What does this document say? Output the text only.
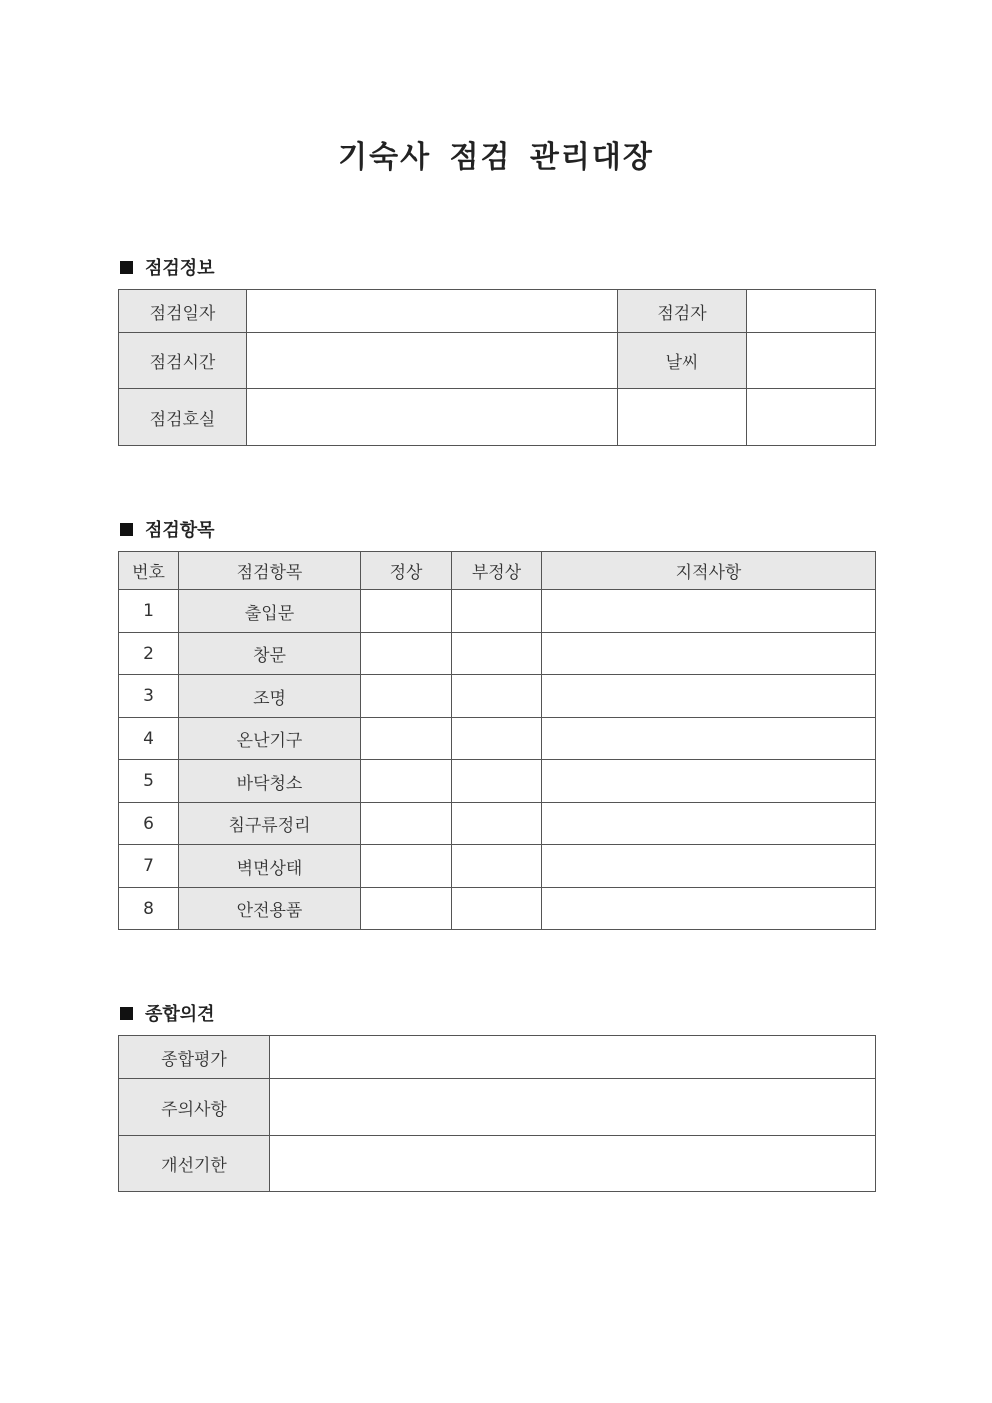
기숙사 점검 관리대장
점검정보
점검일자		점검자	
점검시간		날씨	
점검호실			
점검항목
번호	점검항목	정상	부정상	지적사항
1	출입문			
2	창문			
3	조명			
4	온난기구			
5	바닥청소			
6	침구류정리			
7	벽면상태			
8	안전용품			
종합의견
종합평가	
주의사항	
개선기한	
